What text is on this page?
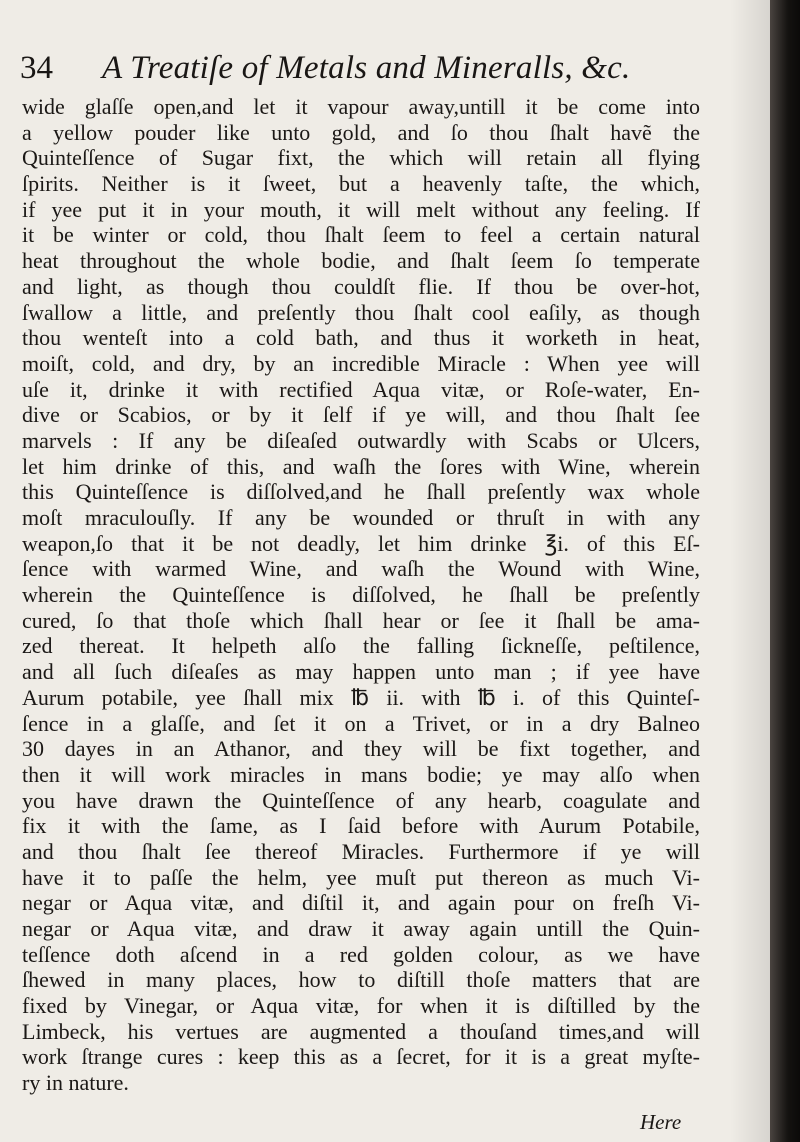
34 A Treatiſe of Metals and Mineralls, &c.
wide glaſſe open,and let it vapour away,untill it be come into
a yellow pouder like unto gold, and ſo thou ſhalt havẽ the
Quinteſſence of Sugar fixt, the which will retain all flying
ſpirits. Neither is it ſweet, but a heavenly taſte, the which,
if yee put it in your mouth, it will melt without any feeling. If
it be winter or cold, thou ſhalt ſeem to feel a certain natural
heat throughout the whole bodie, and ſhalt ſeem ſo temperate
and light, as though thou couldſt flie. If thou be over-hot,
ſwallow a little, and preſently thou ſhalt cool eaſily, as though
thou wenteſt into a cold bath, and thus it worketh in heat,
moiſt, cold, and dry, by an incredible Miracle : When yee will
uſe it, drinke it with rectified Aqua vitæ, or Roſe-water, En-
dive or Scabios, or by it ſelf if ye will, and thou ſhalt ſee
marvels : If any be diſeaſed outwardly with Scabs or Ulcers,
let him drinke of this, and waſh the ſores with Wine, wherein
this Quinteſſence is diſſolved,and he ſhall preſently wax whole
moſt mraculouſly. If any be wounded or thruſt in with any
weapon,ſo that it be not deadly, let him drinke ℥i. of this Eſ-
ſence with warmed Wine, and waſh the Wound with Wine,
wherein the Quinteſſence is diſſolved, he ſhall be preſently
cured, ſo that thoſe which ſhall hear or ſee it ſhall be ama-
zed thereat. It helpeth alſo the falling ſickneſſe, peſtilence,
and all ſuch diſeaſes as may happen unto man ; if yee have
Aurum potabile, yee ſhall mix ℔ ii. with ℔ i. of this Quinteſ-
ſence in a glaſſe, and ſet it on a Trivet, or in a dry Balneo
30 dayes in an Athanor, and they will be fixt together, and
then it will work miracles in mans bodie; ye may alſo when
you have drawn the Quinteſſence of any hearb, coagulate and
fix it with the ſame, as I ſaid before with Aurum Potabile,
and thou ſhalt ſee thereof Miracles. Furthermore if ye will
have it to paſſe the helm, yee muſt put thereon as much Vi-
negar or Aqua vitæ, and diſtil it, and again pour on freſh Vi-
negar or Aqua vitæ, and draw it away again untill the Quin-
teſſence doth aſcend in a red golden colour, as we have
ſhewed in many places, how to diſtill thoſe matters that are
fixed by Vinegar, or Aqua vitæ, for when it is diſtilled by the
Limbeck, his vertues are augmented a thouſand times,and will
work ſtrange cures : keep this as a ſecret, for it is a great myſte-
ry in nature.
Here
